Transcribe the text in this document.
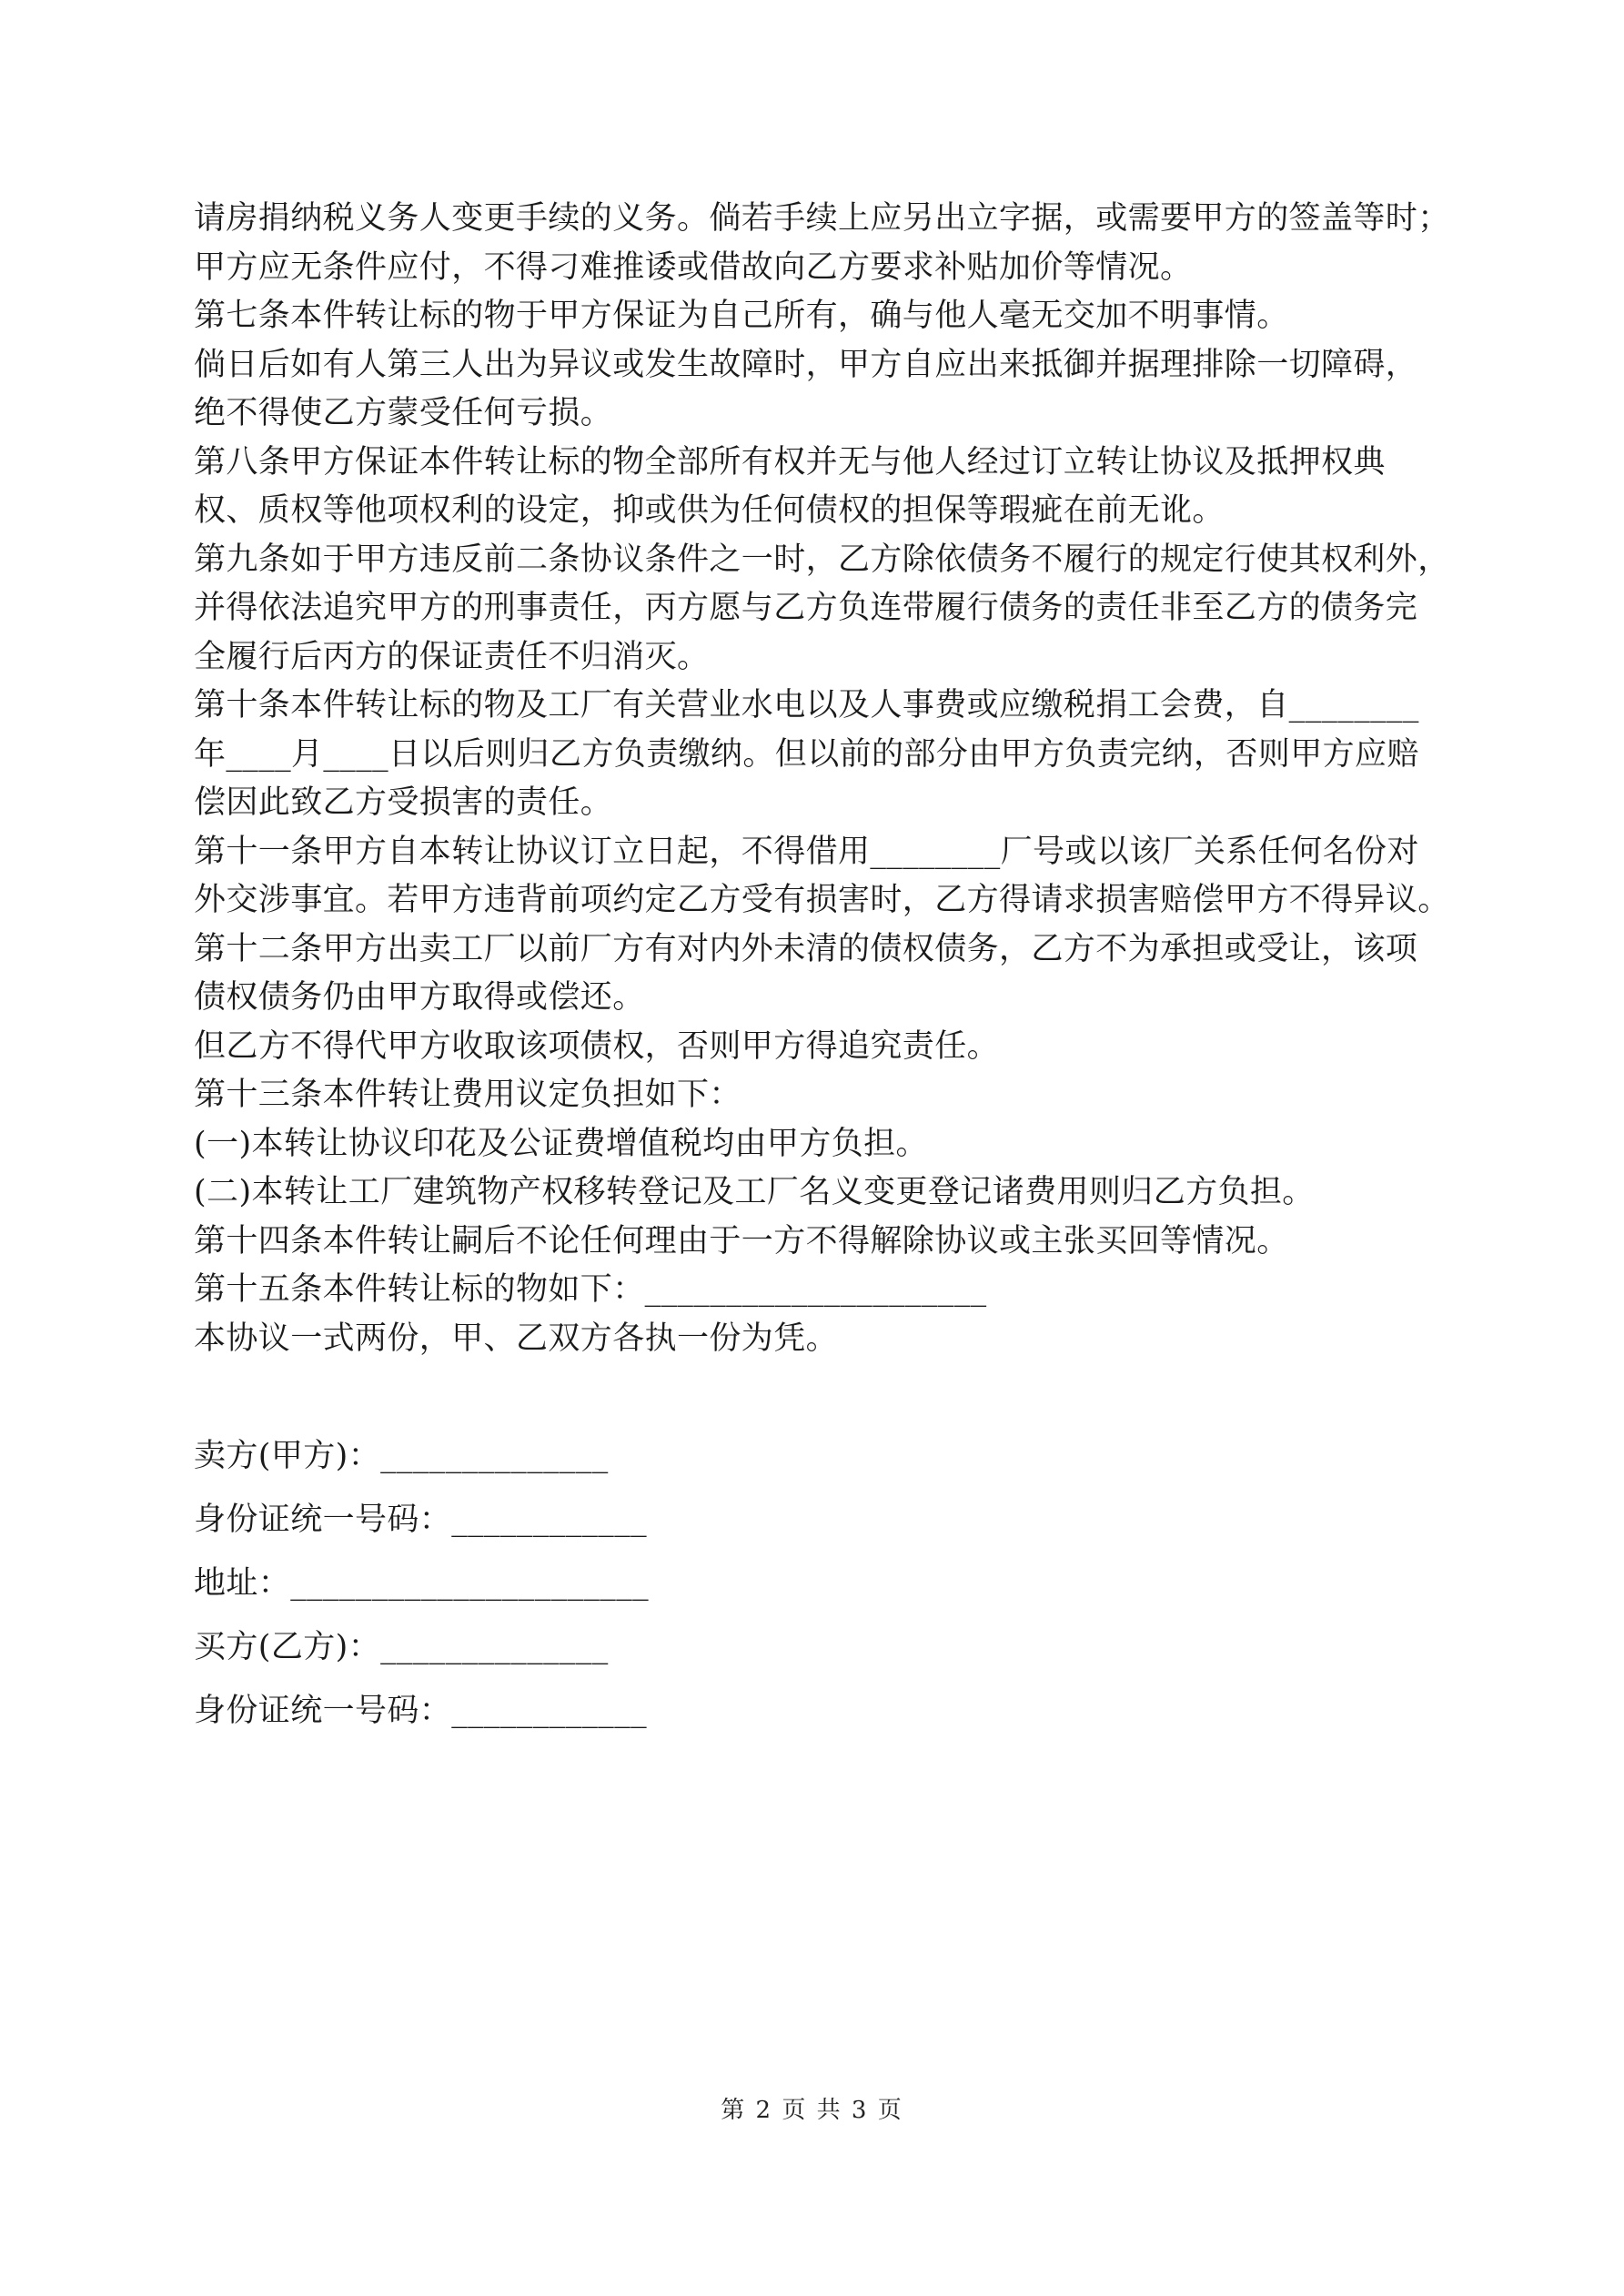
请房捐纳税义务人变更手续的义务。倘若手续上应另出立字据，或需要甲方的签盖等时；
甲方应无条件应付，不得刁难推诿或借故向乙方要求补贴加价等情况。
第七条本件转让标的物于甲方保证为自己所有，确与他人毫无交加不明事情。
倘日后如有人第三人出为异议或发生故障时，甲方自应出来抵御并据理排除一切障碍，
绝不得使乙方蒙受任何亏损。
第八条甲方保证本件转让标的物全部所有权并无与他人经过订立转让协议及抵押权典
权、质权等他项权利的设定，抑或供为任何债权的担保等瑕疵在前无讹。
第九条如于甲方违反前二条协议条件之一时，乙方除依债务不履行的规定行使其权利外，
并得依法追究甲方的刑事责任，丙方愿与乙方负连带履行债务的责任非至乙方的债务完
全履行后丙方的保证责任不归消灭。
第十条本件转让标的物及工厂有关营业水电以及人事费或应缴税捐工会费，自________
年____月____日以后则归乙方负责缴纳。但以前的部分由甲方负责完纳，否则甲方应赔
偿因此致乙方受损害的责任。
第十一条甲方自本转让协议订立日起，不得借用________厂号或以该厂关系任何名份对
外交涉事宜。若甲方违背前项约定乙方受有损害时，乙方得请求损害赔偿甲方不得异议。
第十二条甲方出卖工厂以前厂方有对内外未清的债权债务，乙方不为承担或受让，该项
债权债务仍由甲方取得或偿还。
但乙方不得代甲方收取该项债权，否则甲方得追究责任。
第十三条本件转让费用议定负担如下：
(一)本转让协议印花及公证费增值税均由甲方负担。
(二)本转让工厂建筑物产权移转登记及工厂名义变更登记诸费用则归乙方负担。
第十四条本件转让嗣后不论任何理由于一方不得解除协议或主张买回等情况。
第十五条本件转让标的物如下：_____________________
本协议一式两份，甲、乙双方各执一份为凭。
卖方(甲方)：______________
身份证统一号码：____________
地址：______________________
买方(乙方)：______________
身份证统一号码：____________
第 2 页 共 3 页
